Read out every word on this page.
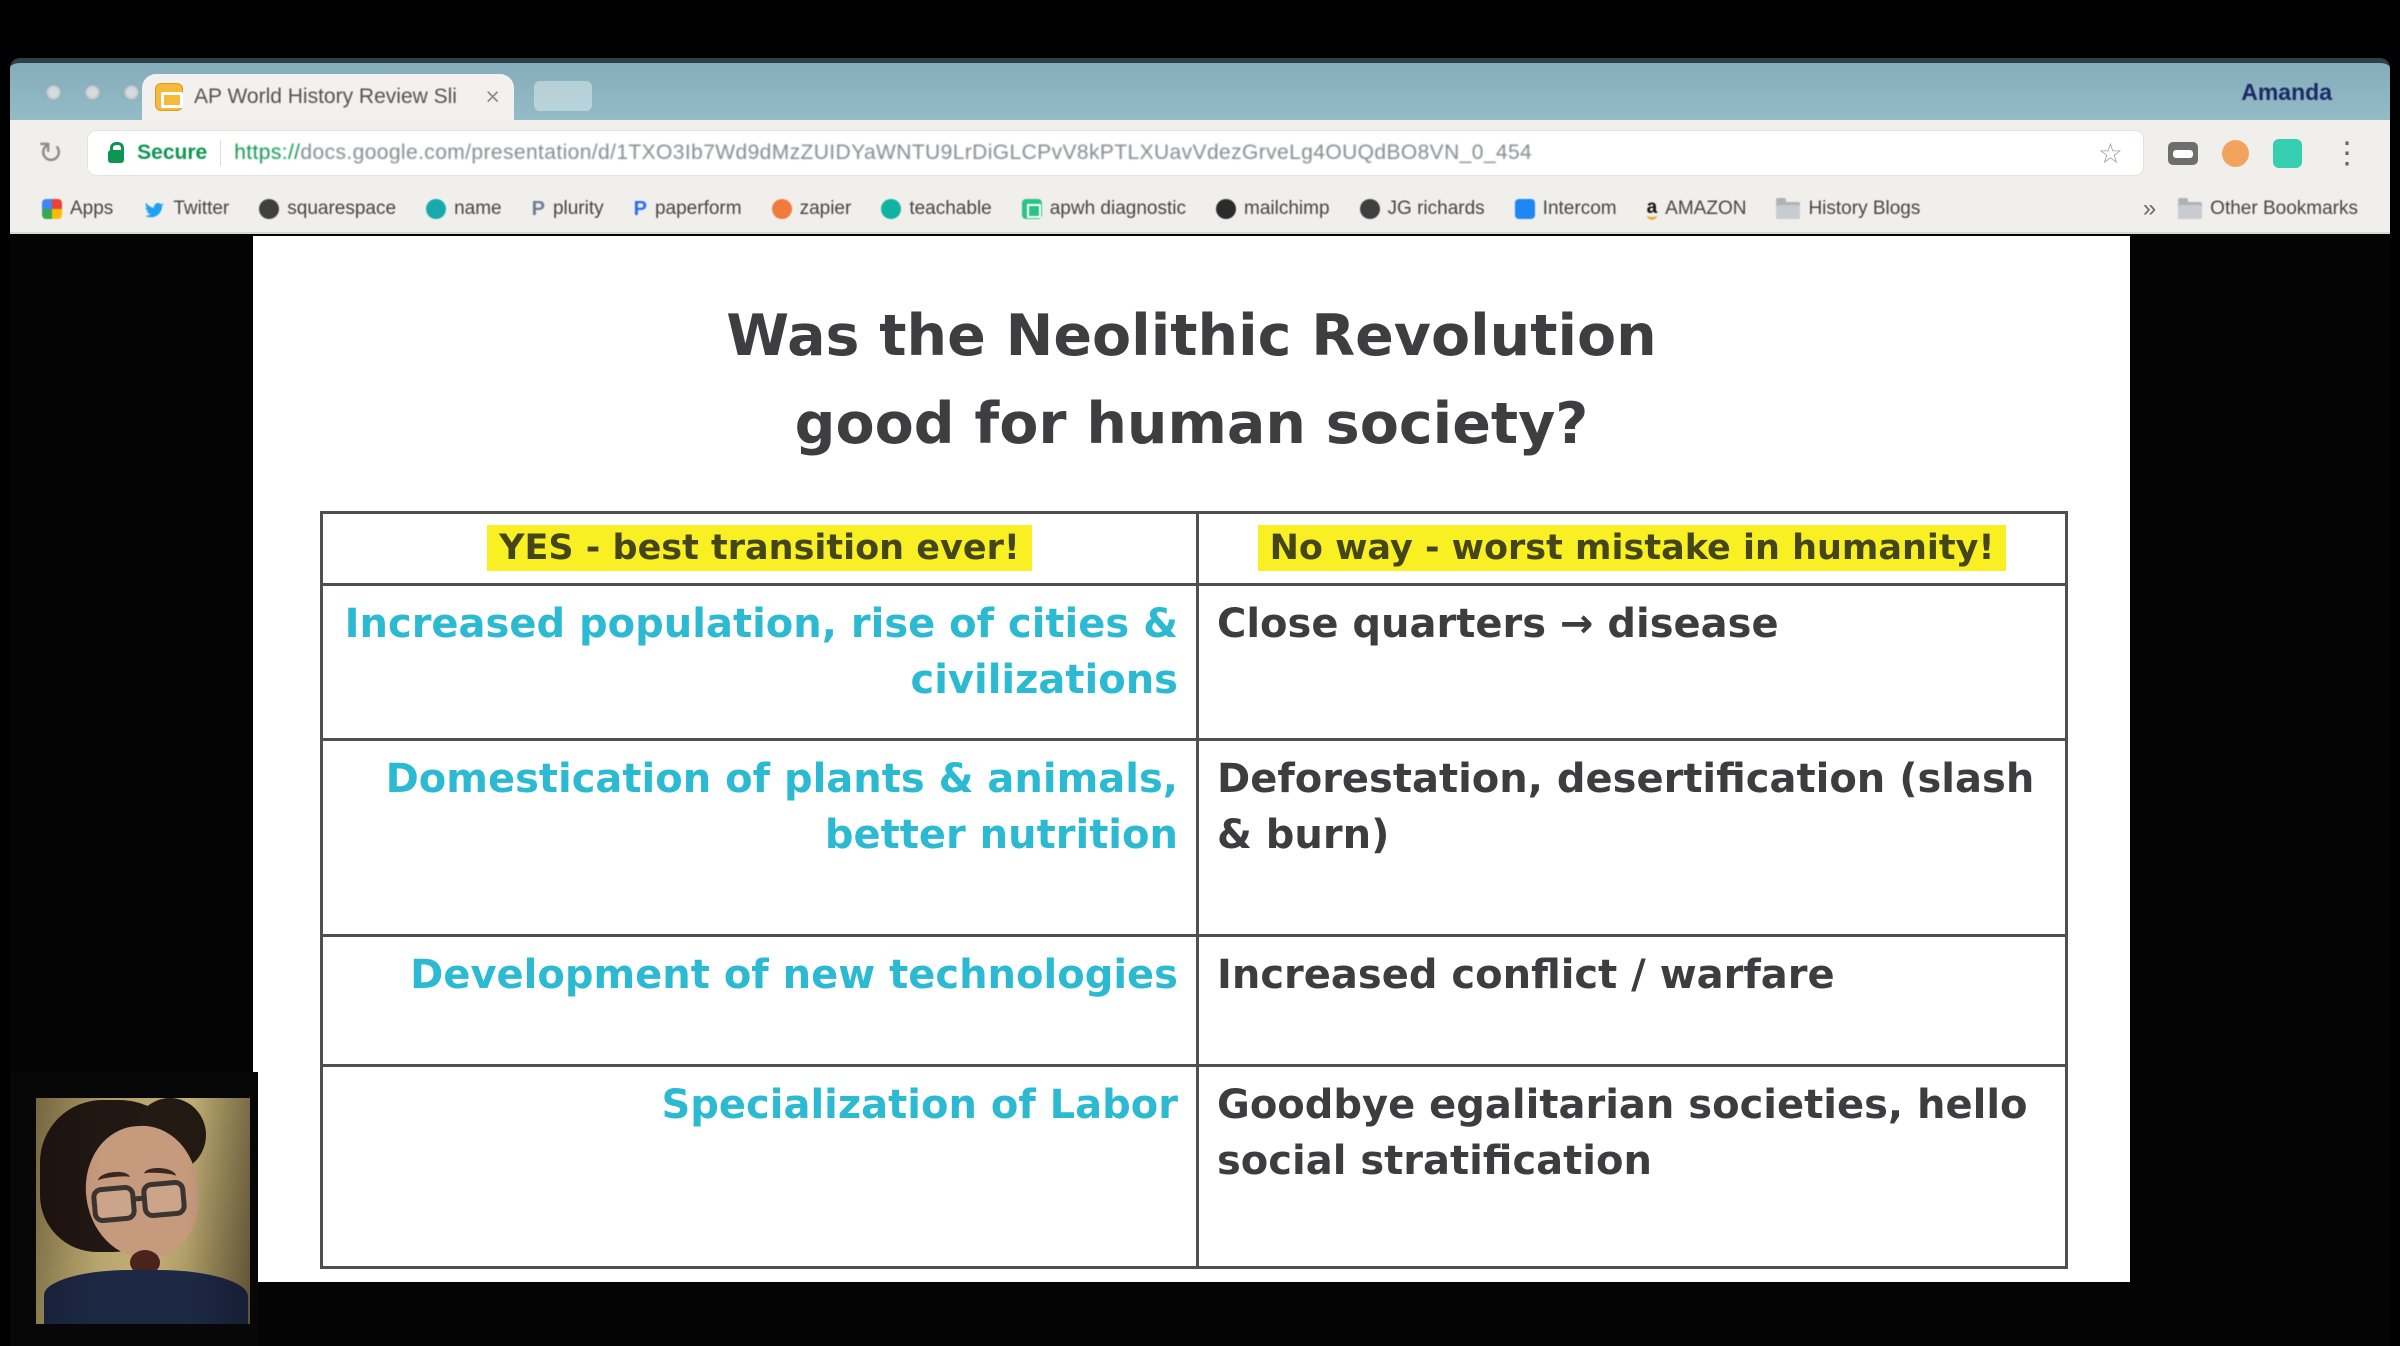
AP World History Review Sli	×	Amanda
↻	Secure https://docs.google.com/presentation/d/1TXO3Ib7Wd9dMzZUIDYaWNTU9LrDiGLCPvV8kPTLXUavVdezGrveLg4OUQdBO8VN_0_454	☆	⋮
Apps	Twitter	squarespace	name P plurity P paperform	zapier	teachable	apwh diagnostic	mailchimp	JG richards	Intercom a AMAZON	History Blogs	»	Other Bookmarks
Was the Neolithic Revolution
good for human society?
YES - best transition ever!	No way - worst mistake in humanity!
Increased population, rise of cities & civilizations	Close quarters → disease
Domestication of plants & animals, better nutrition	Deforestation, desertification (slash & burn)
Development of new technologies	Increased conflict / warfare
Specialization of Labor	Goodbye egalitarian societies, hello social stratification
